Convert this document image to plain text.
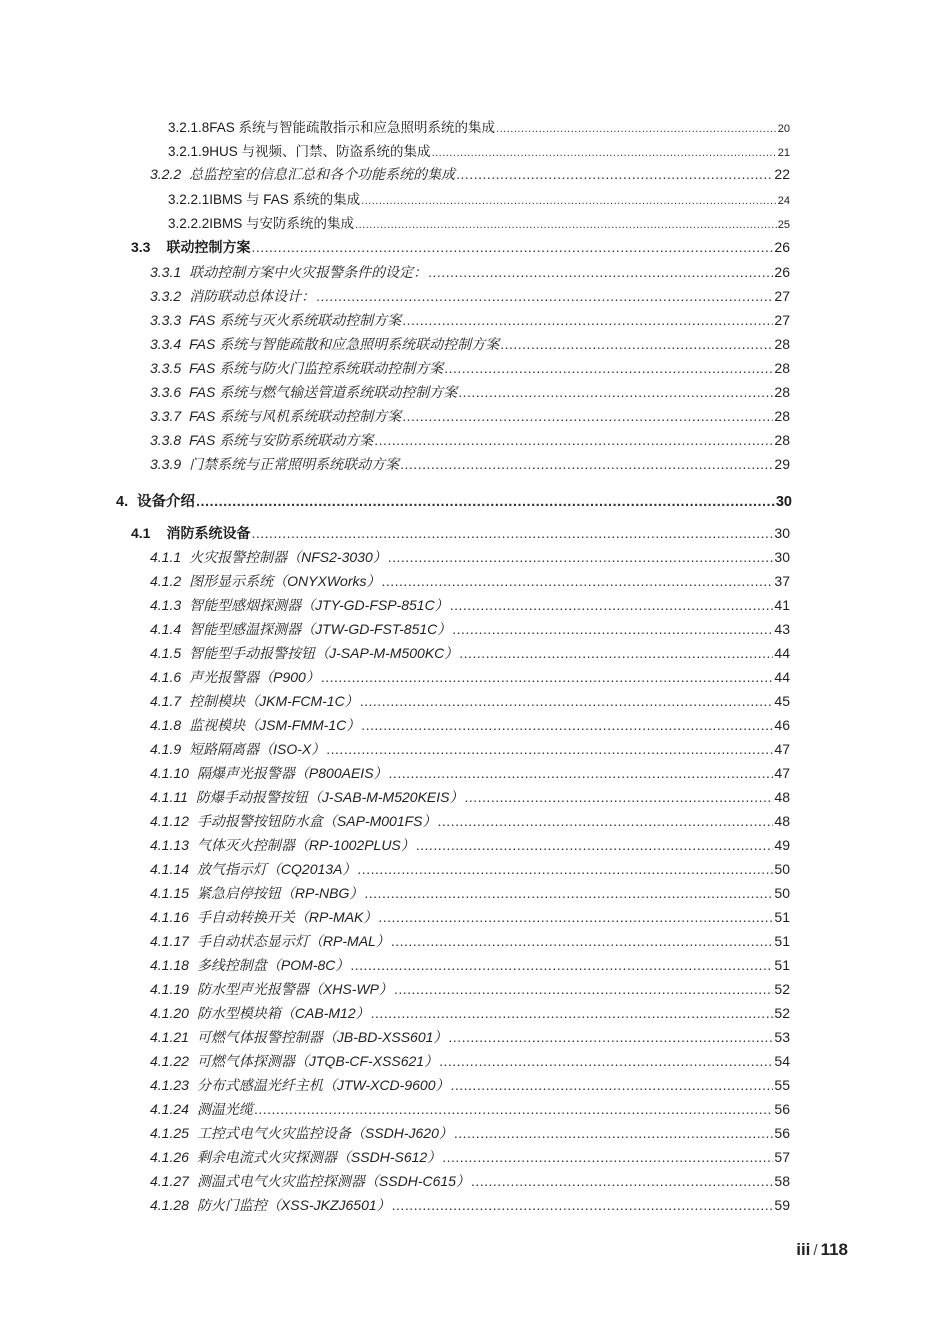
3.2.1.8 FAS 系统与智能疏散指示和应急照明系统的集成 .....	20
3.2.1.9 HUS 与视频、门禁、防盗系统的集成 .....	21
3.2.2 总监控室的信息汇总和各个功能系统的集成 .....	22
3.2.2.1 IBMS 与 FAS 系统的集成 .....	24
3.2.2.2 IBMS 与安防系统的集成 .....	25
3.3	联动控制方案 .....	26
3.3.1 联动控制方案中火灾报警条件的设定： .....	26
3.3.2 消防联动总体设计： .....	27
3.3.3 FAS 系统与灭火系统联动控制方案 .....	27
3.3.4 FAS 系统与智能疏散和应急照明系统联动控制方案 .....	28
3.3.5 FAS 系统与防火门监控系统联动控制方案 .....	28
3.3.6 FAS 系统与燃气输送管道系统联动控制方案 .....	28
3.3.7 FAS 系统与风机系统联动控制方案 .....	28
3.3.8 FAS 系统与安防系统联动方案 .....	28
3.3.9 门禁系统与正常照明系统联动方案 .....	29
4. 设备介绍 .....	30
4.1	消防系统设备 .....	30
4.1.1 火灾报警控制器（NFS2-3030） .....	30
4.1.2 图形显示系统（ONYXWorks） .....	37
4.1.3 智能型感烟探测器（JTY-GD-FSP-851C） .....	41
4.1.4 智能型感温探测器（JTW-GD-FST-851C） .....	43
4.1.5 智能型手动报警按钮（J-SAP-M-M500KC） .....	44
4.1.6 声光报警器（P900） .....	44
4.1.7 控制模块（JKM-FCM-1C） .....	45
4.1.8 监视模块（JSM-FMM-1C） .....	46
4.1.9 短路隔离器（ISO-X） .....	47
4.1.10 隔爆声光报警器（P800AEIS） .....	47
4.1.11 防爆手动报警按钮（J-SAB-M-M520KEIS） .....	48
4.1.12 手动报警按钮防水盒（SAP-M001FS） .....	48
4.1.13 气体灭火控制器（RP-1002PLUS） .....	49
4.1.14 放气指示灯（CQ2013A） .....	50
4.1.15 紧急启停按钮（RP-NBG） .....	50
4.1.16 手自动转换开关（RP-MAK） .....	51
4.1.17 手自动状态显示灯（RP-MAL） .....	51
4.1.18 多线控制盘（POM-8C） .....	51
4.1.19 防水型声光报警器（XHS-WP） .....	52
4.1.20 防水型模块箱（CAB-M12） .....	52
4.1.21 可燃气体报警控制器（JB-BD-XSS601） .....	53
4.1.22 可燃气体探测器（JTQB-CF-XSS621） .....	54
4.1.23 分布式感温光纤主机（JTW-XCD-9600） .....	55
4.1.24 测温光缆 .....	56
4.1.25 工控式电气火灾监控设备（SSDH-J620） .....	56
4.1.26 剩余电流式火灾探测器（SSDH-S612） .....	57
4.1.27 测温式电气火灾监控探测器（SSDH-C615） .....	58
4.1.28 防火门监控（XSS-JKZJ6501） .....	59
iii / 118
